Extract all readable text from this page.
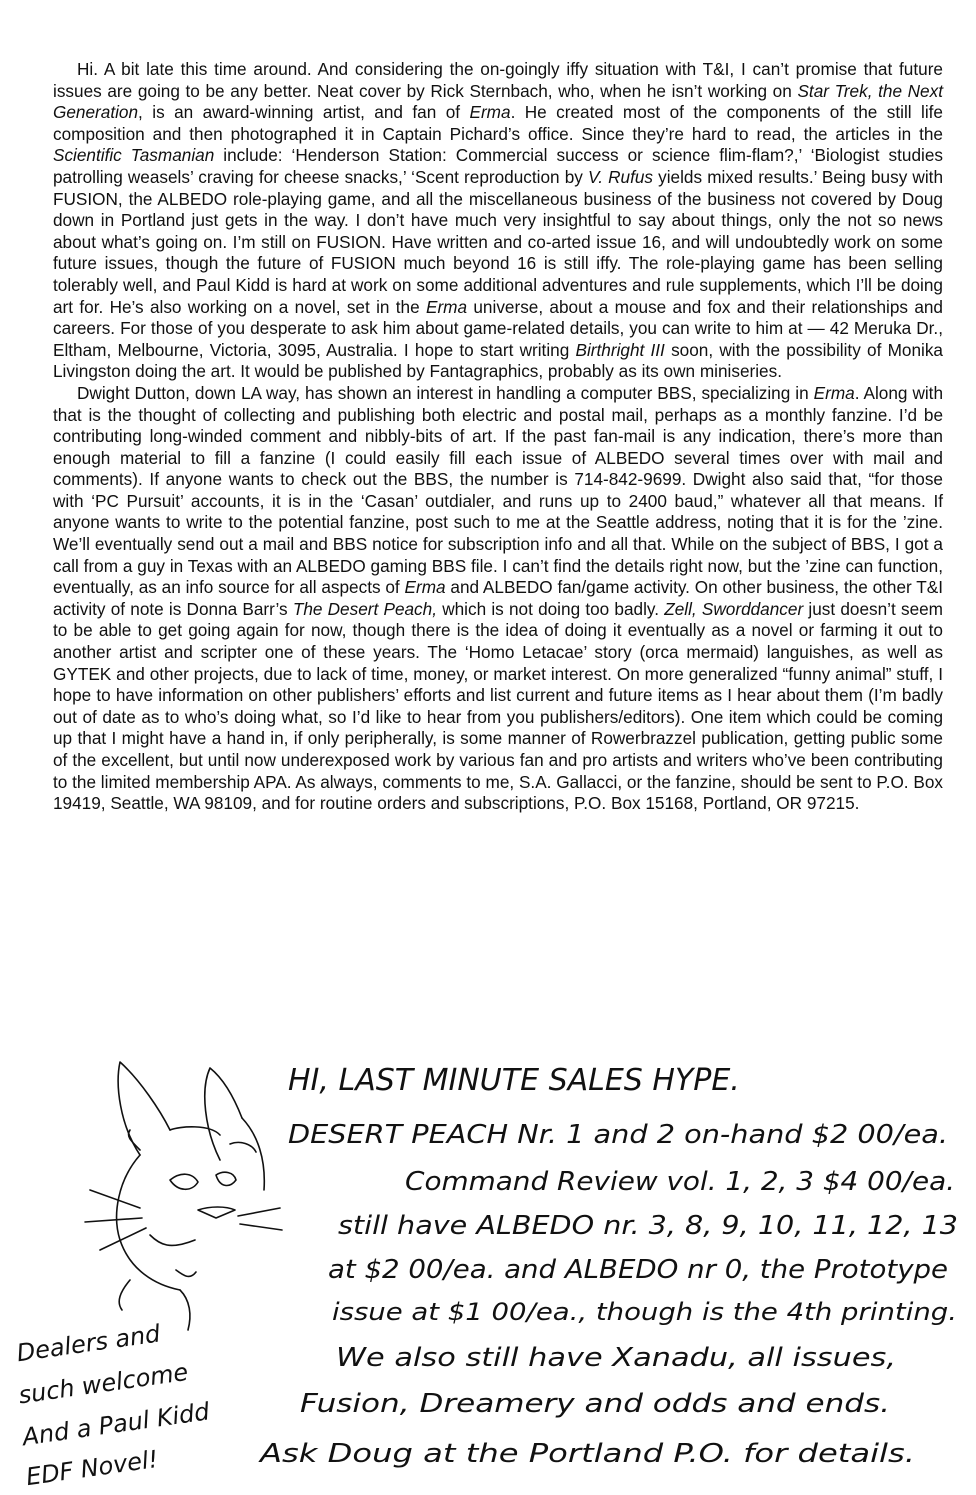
Hi. A bit late this time around. And considering the on-goingly iffy situation with T&I, I can’t promise that future issues are going to be any better. Neat cover by Rick Sternbach, who, when he isn’t working on Star Trek, the Next Generation, is an award-winning artist, and fan of Erma. He created most of the components of the still life composition and then photographed it in Captain Pichard’s office. Since they’re hard to read, the articles in the Scientific Tasmanian include: ‘Henderson Station: Commercial success or science flim-flam?,’ ‘Biologist studies patrolling weasels’ craving for cheese snacks,’ ‘Scent reproduction by V. Rufus yields mixed results.’ Being busy with FUSION, the ALBEDO role-playing game, and all the miscellaneous business of the business not covered by Doug down in Portland just gets in the way. I don’t have much very insightful to say about things, only the not so news about what’s going on. I’m still on FUSION. Have written and co-arted issue 16, and will undoubtedly work on some future issues, though the future of FUSION much beyond 16 is still iffy. The role-playing game has been selling tolerably well, and Paul Kidd is hard at work on some additional adventures and rule supplements, which I’ll be doing art for. He’s also working on a novel, set in the Erma universe, about a mouse and fox and their relationships and careers. For those of you desperate to ask him about game-related details, you can write to him at — 42 Meruka Dr., Eltham, Melbourne, Victoria, 3095, Australia. I hope to start writing Birthright III soon, with the possibility of Monika Livingston doing the art. It would be published by Fantagraphics, probably as its own miniseries.

Dwight Dutton, down LA way, has shown an interest in handling a computer BBS, specializing in Erma. Along with that is the thought of collecting and publishing both electric and postal mail, perhaps as a monthly fanzine. I’d be contributing long-winded comment and nibbly-bits of art. If the past fan-mail is any indication, there’s more than enough material to fill a fanzine (I could easily fill each issue of ALBEDO several times over with mail and comments). If anyone wants to check out the BBS, the number is 714-842-9699. Dwight also said that, “for those with ‘PC Pursuit’ accounts, it is in the ‘Casan’ outdialer, and runs up to 2400 baud,” whatever all that means. If anyone wants to write to the potential fanzine, post such to me at the Seattle address, noting that it is for the ’zine. We’ll eventually send out a mail and BBS notice for subscription info and all that. While on the subject of BBS, I got a call from a guy in Texas with an ALBEDO gaming BBS file. I can’t find the details right now, but the ’zine can function, eventually, as an info source for all aspects of Erma and ALBEDO fan/game activity. On other business, the other T&I activity of note is Donna Barr’s The Desert Peach, which is not doing too badly. Zell, Sworddancer just doesn’t seem to be able to get going again for now, though there is the idea of doing it eventually as a novel or farming it out to another artist and scripter one of these years. The ‘Homo Letacae’ story (orca mermaid) languishes, as well as GYTEK and other projects, due to lack of time, money, or market interest. On more generalized “funny animal” stuff, I hope to have information on other publishers’ efforts and list current and future items as I hear about them (I’m badly out of date as to who’s doing what, so I’d like to hear from you publishers/editors). One item which could be coming up that I might have a hand in, if only peripherally, is some manner of Rowerbrazzel publication, getting public some of the excellent, but until now underexposed work by various fan and pro artists and writers who’ve been contributing to the limited membership APA. As always, comments to me, S.A. Gallacci, or the fanzine, should be sent to P.O. Box 19419, Seattle, WA 98109, and for routine orders and subscriptions, P.O. Box 15168, Portland, OR 97215.

HI, LAST MINUTE SALES HYPE.
DESERT PEACH Nr. 1 and 2 on-hand $2 00/ea.
Command Review vol. 1, 2, 3 $4 00/ea.
still have ALBEDO nr. 3, 8, 9, 10, 11, 12, 13
at $2 00/ea. and ALBEDO nr 0, the Prototype
issue at $1 00/ea., though is the 4th printing.
We also still have Xanadu, all issues,
Fusion, Dreamery and odds and ends.
Ask Doug at the Portland P.O. for details.
Dealers and
such welcome
And a Paul Kidd
EDF Novel!
